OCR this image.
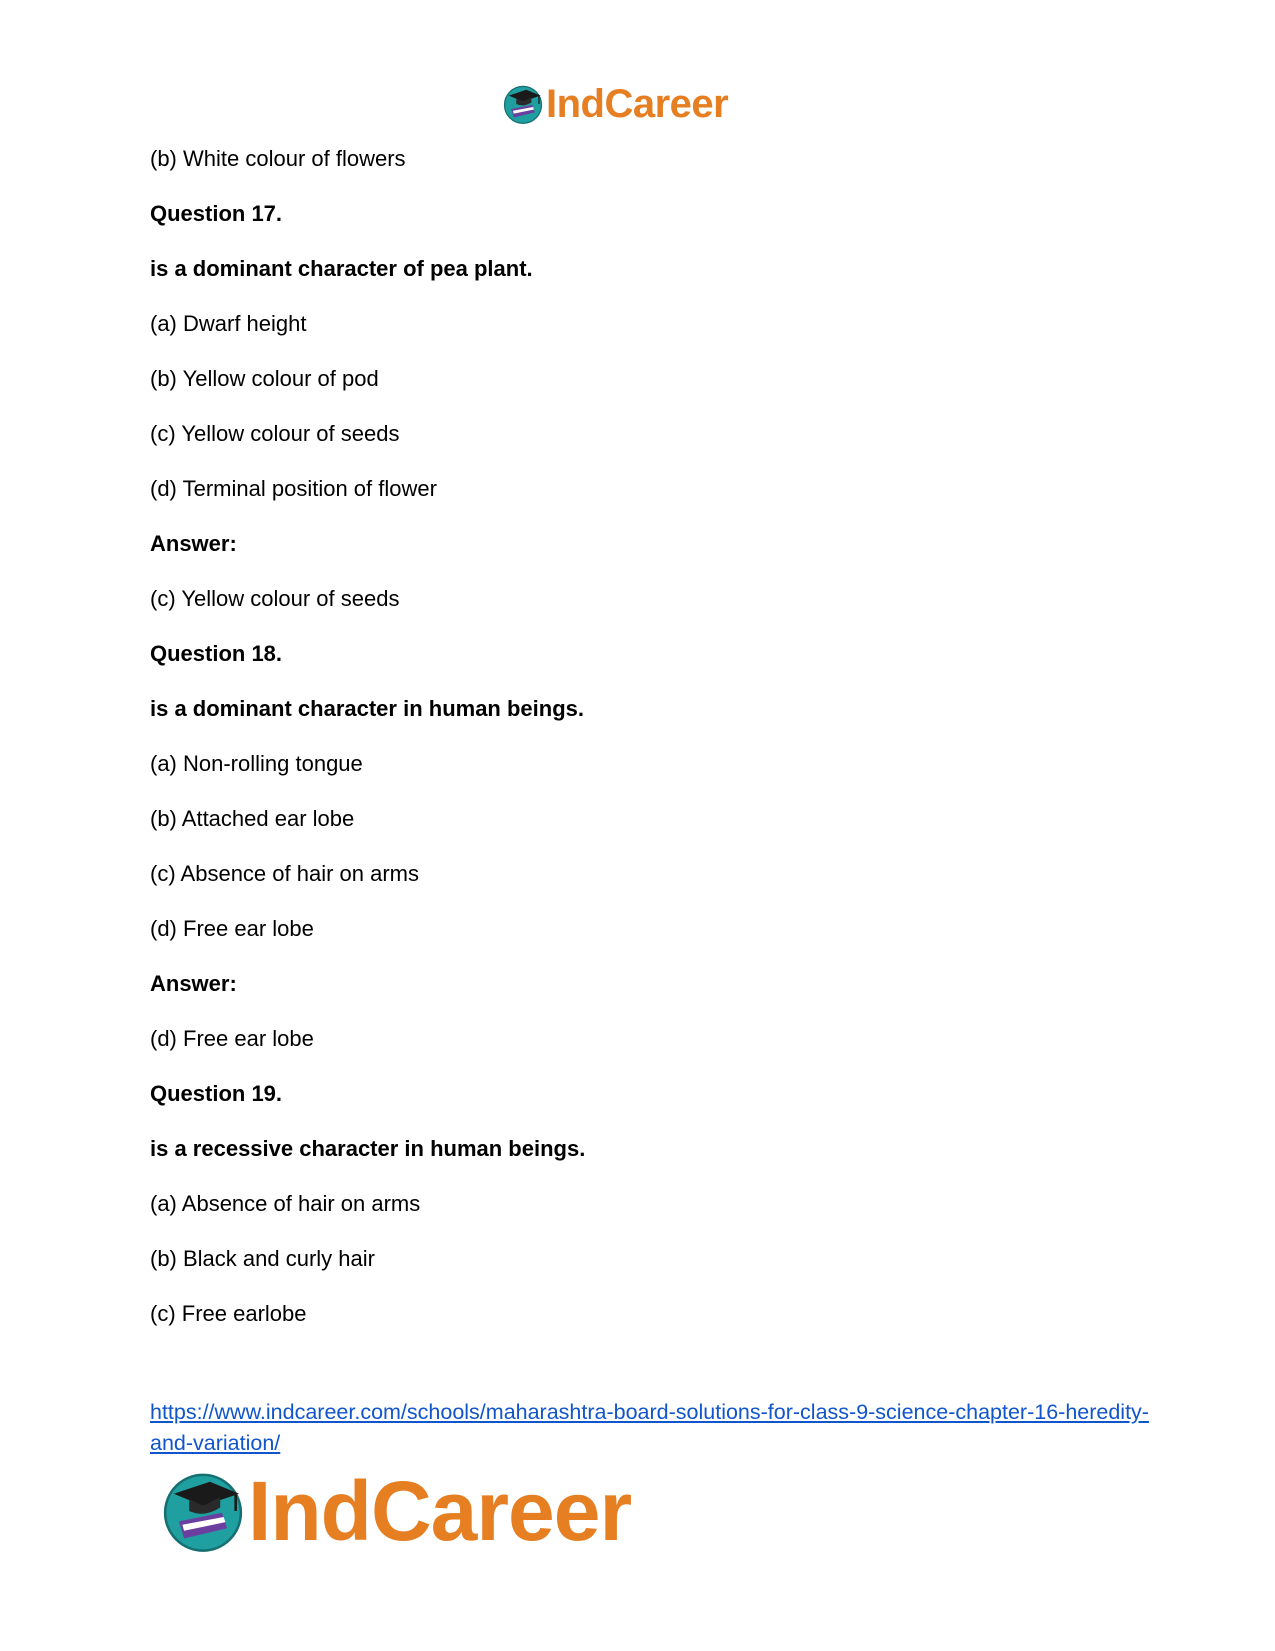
IndCareer
(b) White colour of flowers
Question 17.
is a dominant character of pea plant.
(a) Dwarf height
(b) Yellow colour of pod
(c) Yellow colour of seeds
(d) Terminal position of flower
Answer:
(c) Yellow colour of seeds
Question 18.
is a dominant character in human beings.
(a) Non-rolling tongue
(b) Attached ear lobe
(c) Absence of hair on arms
(d) Free ear lobe
Answer:
(d) Free ear lobe
Question 19.
is a recessive character in human beings.
(a) Absence of hair on arms
(b) Black and curly hair
(c) Free earlobe
https://www.indcareer.com/schools/maharashtra-board-solutions-for-class-9-science-chapter-16-heredity-and-variation/
IndCareer
